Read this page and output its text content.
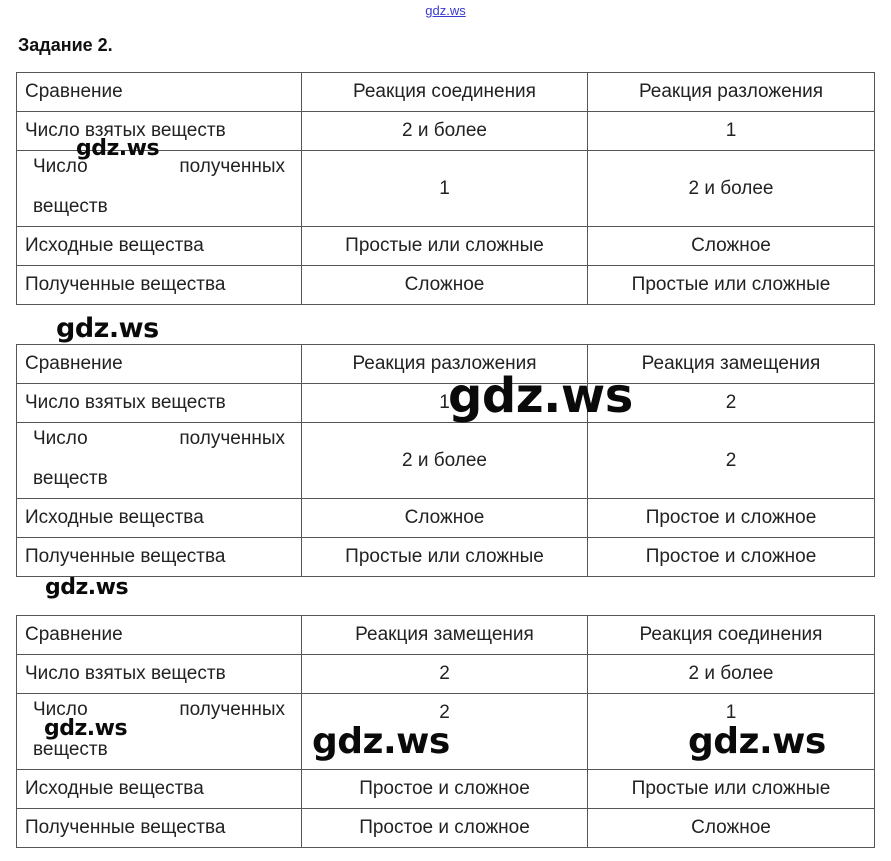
gdz.ws
Задание 2.
Сравнение	Реакция соединения	Реакция разложения
Число взятых веществ	2 и более	1

Число полученных
веществ	1	2 и более
Исходные вещества	Простые или сложные	Сложное
Полученные вещества	Сложное	Простые или сложные
Сравнение	Реакция разложения	Реакция замещения
Число взятых веществ	1	2

Число полученных
веществ	2 и более	2
Исходные вещества	Сложное	Простое и сложное
Полученные вещества	Простые или сложные	Простое и сложное
Сравнение	Реакция замещения	Реакция соединения
Число взятых веществ	2	2 и более

Число полученных
веществ	2	1
Исходные вещества	Простое и сложное	Простые или сложные
Полученные вещества	Простое и сложное	Сложное
gdz.ws
gdz.ws
gdz.ws
gdz.ws
gdz.ws	gdz.ws	gdz.ws
